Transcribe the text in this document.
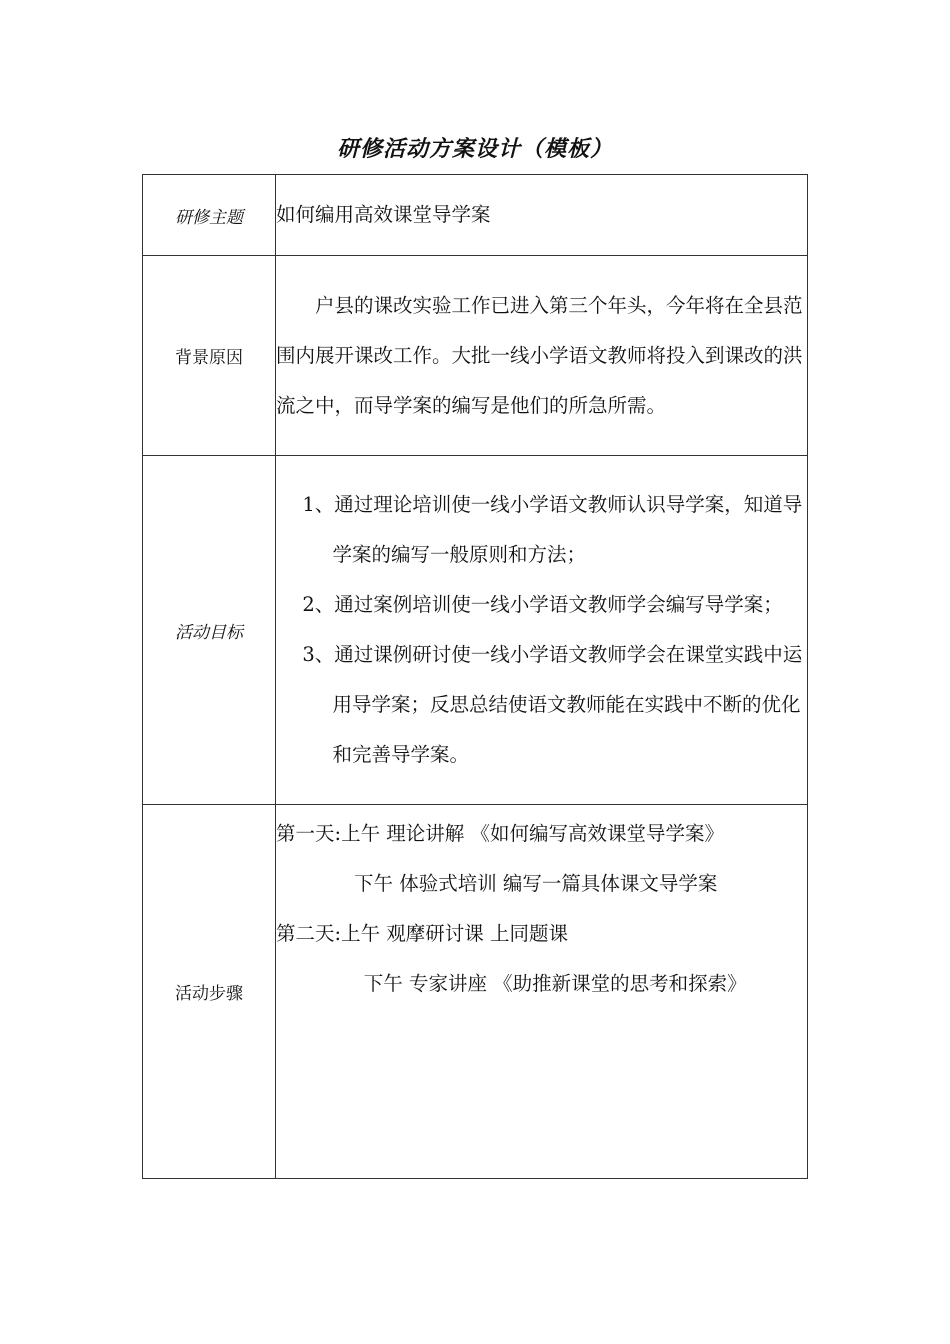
研修活动方案设计（模板）
研修主题	如何编用高效课堂导学案

背景原因	户县的课改实验工作已进入第三个年头，今年将在全县范围内展开课改工作。大批一线小学语文教师将投入到课改的洪流之中，而导学案的编写是他们的所急所需。

活动目标	1、通过理论培训使一线小学语文教师认识导学案，知道导学案的编写一般原则和方法；

2、通过案例培训使一线小学语文教师学会编写导学案；

3、通过课例研讨使一线小学语文教师学会在课堂实践中运用导学案；反思总结使语文教师能在实践中不断的优化和完善导学案。

活动步骤	第一天:上午 理论讲解 《如何编写高效课堂导学案》

下午 体验式培训 编写一篇具体课文导学案

第二天:上午 观摩研讨课 上同题课

下午 专家讲座 《助推新课堂的思考和探索》
